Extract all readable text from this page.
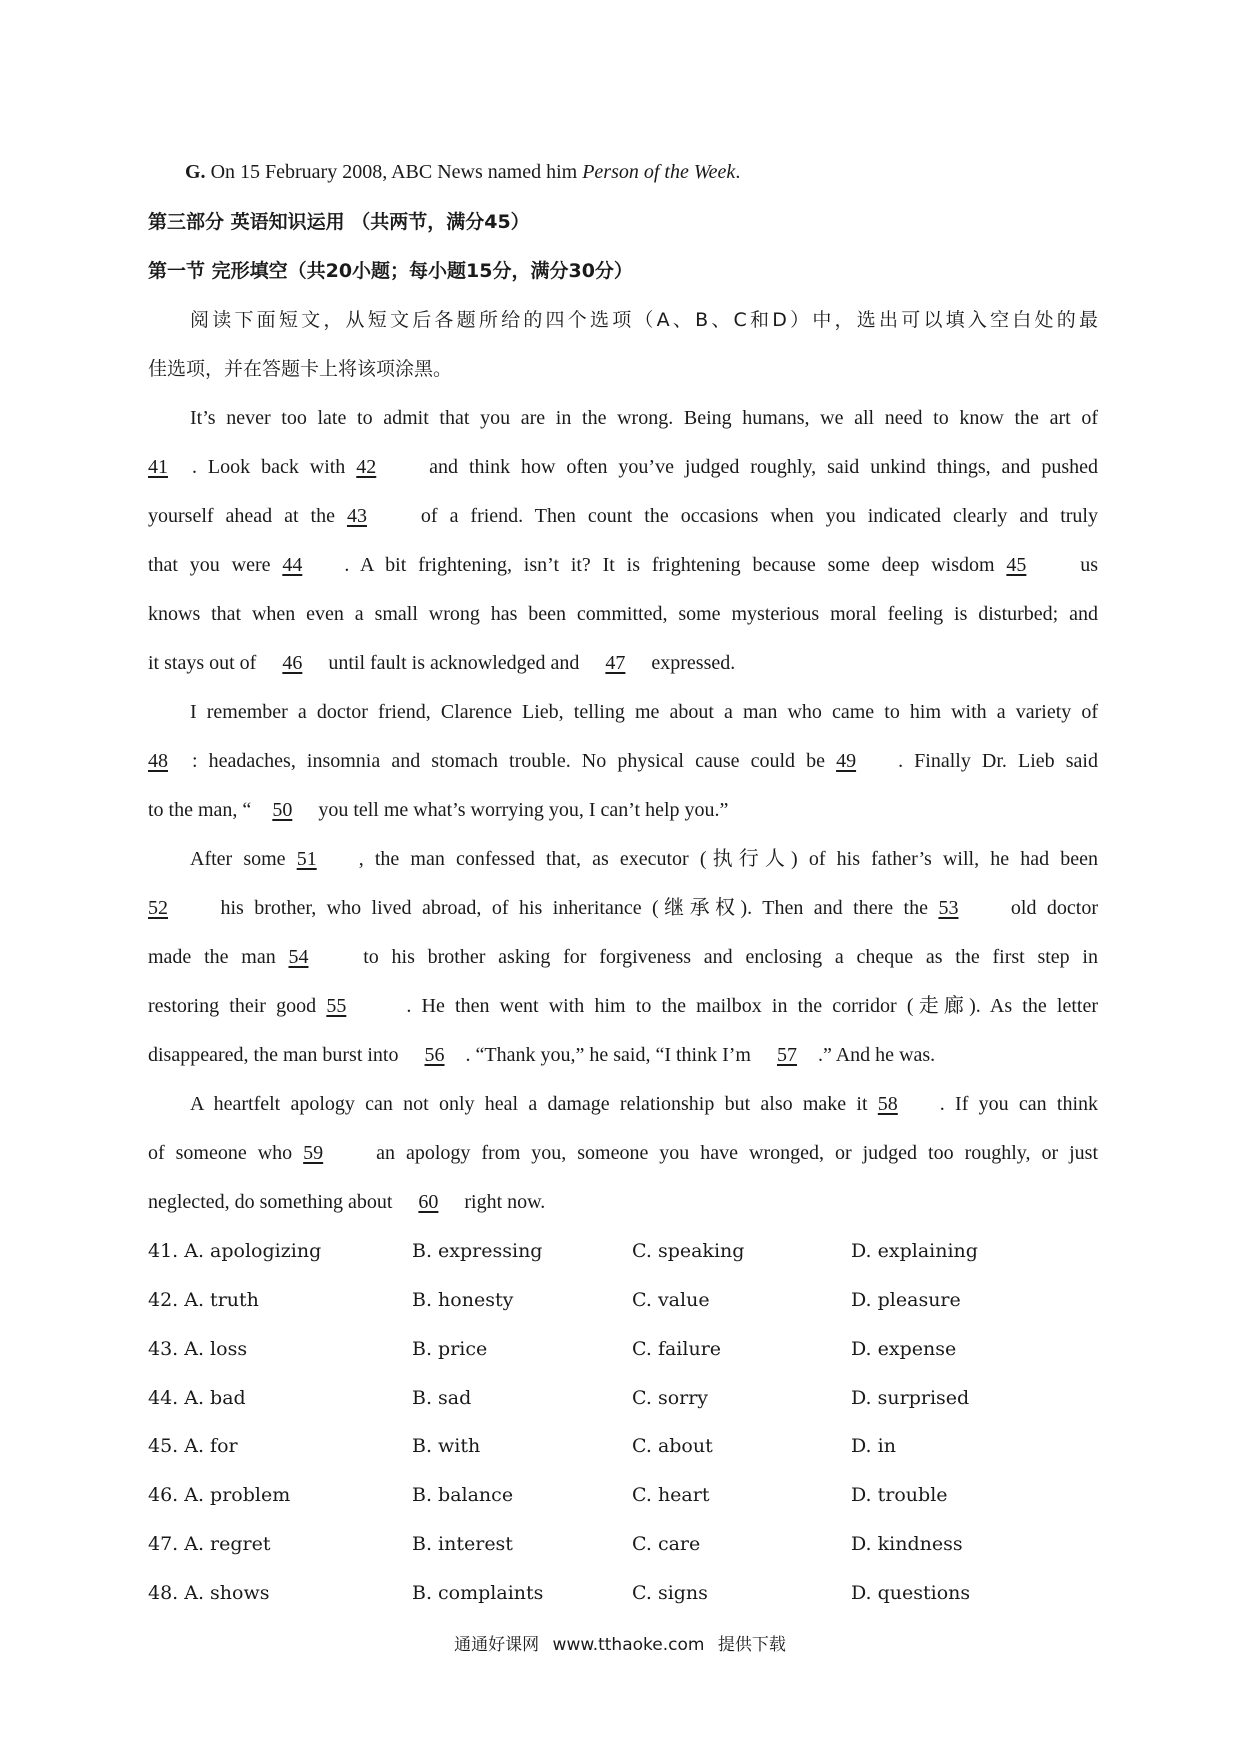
G. On 15 February 2008, ABC News named him Person of the Week.
第三部分 英语知识运用 （共两节，满分45）
第一节 完形填空（共20小题；每小题15分，满分30分）
阅读下面短文，从短文后各题所给的四个选项（A、B、C和D）中，选出可以填入空白处的最
佳选项，并在答题卡上将该项涂黑。
It’s never too late to admit that you are in the wrong. Being humans, we all need to know the art of
41 . Look back with 42 and think how often you’ve judged roughly, said unkind things, and pushed
yourself ahead at the 43 of a friend. Then count the occasions when you indicated clearly and truly
that you were 44 . A bit frightening, isn’t it? It is frightening because some deep wisdom 45 us
knows that when even a small wrong has been committed, some mysterious moral feeling is disturbed; and
it stays out of 46 until fault is acknowledged and 47 expressed.
I remember a doctor friend, Clarence Lieb, telling me about a man who came to him with a variety of
48 : headaches, insomnia and stomach trouble. No physical cause could be 49 . Finally Dr. Lieb said
to the man, “ 50 you tell me what’s worrying you, I can’t help you.”
After some 51 , the man confessed that, as executor (执行人) of his father’s will, he had been
52 his brother, who lived abroad, of his inheritance (继承权). Then and there the 53 old doctor
made the man 54 to his brother asking for forgiveness and enclosing a cheque as the first step in
restoring their good 55	. He then went with him to the mailbox in the corridor (走廊). As the letter
disappeared, the man burst into 56 . “Thank you,” he said, “I think I’m 57 .” And he was.
A heartfelt apology can not only heal a damage relationship but also make it 58 . If you can think
of someone who 59 an apology from you, someone you have wronged, or judged too roughly, or just
neglected, do something about 60 right now.
41. A. apologizing	B. expressing	C. speaking	D. explaining
42. A. truth	B. honesty	C. value	D. pleasure
43. A. loss	B. price	C. failure	D. expense
44. A. bad	B. sad	C. sorry	D. surprised
45. A. for	B. with	C. about	D. in
46. A. problem	B. balance	C. heart	D. trouble
47. A. regret	B. interest	C. care	D. kindness
48. A. shows	B. complaints	C. signs	D. questions
通通好课网 www.tthaoke.com 提供下载
